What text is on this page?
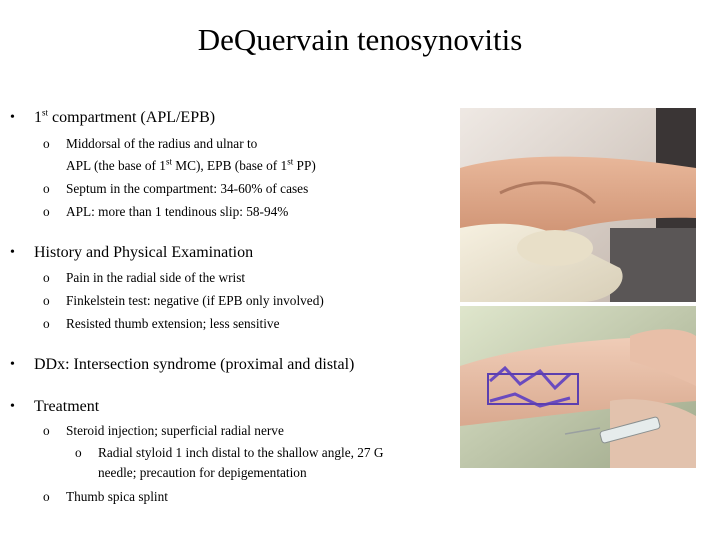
DeQuervain tenosynovitis
•	1st compartment (APL/EPB)
o Middorsal of the radius and ulnar to
APL (the base of 1st MC), EPB (base of 1st PP)
o Septum in the compartment: 34-60% of cases
o APL: more than 1 tendinous slip: 58-94%
•	History and Physical Examination
o Pain in the radial side of the wrist
o Finkelstein test: negative (if EPB only involved)
o Resisted thumb extension; less sensitive
•	DDx: Intersection syndrome (proximal and distal)
•	Treatment
o Steroid injection; superficial radial nerve
o Radial styloid 1 inch distal to the shallow angle, 27 G
needle; precaution for depigementation
o Thumb spica splint
